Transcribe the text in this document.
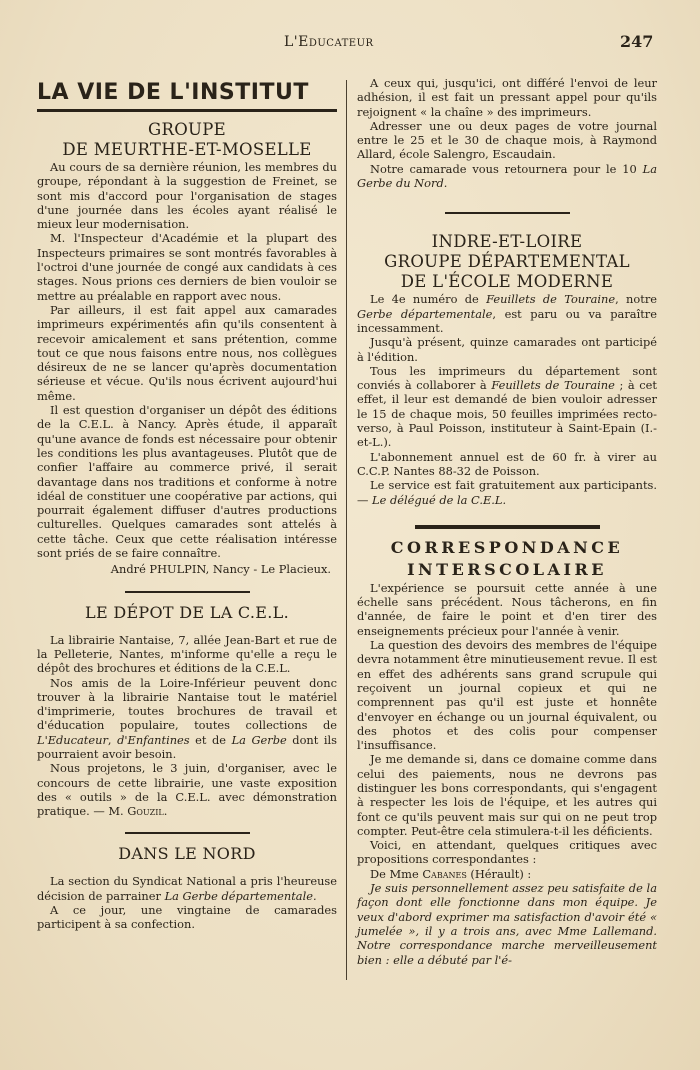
L'Educateur	247
LA VIE DE L'INSTITUT

GROUPE

DE MEURTHE-ET-MOSELLE

Au cours de sa dernière réunion, les membres du groupe, répondant à la suggestion de Freinet, se sont mis d'accord pour l'organisation de stages d'une journée dans les écoles ayant réalisé le mieux leur modernisation.

M. l'Inspecteur d'Académie et la plupart des Inspecteurs primaires se sont montrés favorables à l'octroi d'une journée de congé aux candidats à ces stages. Nous prions ces derniers de bien vouloir se mettre au préalable en rapport avec nous.

Par ailleurs, il est fait appel aux camarades imprimeurs expérimentés afin qu'ils consentent à recevoir amicalement et sans prétention, comme tout ce que nous faisons entre nous, nos collègues désireux de ne se lancer qu'après documentation sérieuse et vécue. Qu'ils nous écrivent aujourd'hui même.

Il est question d'organiser un dépôt des éditions de la C.E.L. à Nancy. Après étude, il apparaît qu'une avance de fonds est nécessaire pour obtenir les conditions les plus avantageuses. Plutôt que de confier l'affaire au commerce privé, il serait davantage dans nos traditions et conforme à notre idéal de constituer une coopérative par actions, qui pourrait également diffuser d'autres productions culturelles. Quelques camarades sont attelés à cette tâche. Ceux que cette réalisation intéresse sont priés de se faire connaître.

André PHULPIN, Nancy - Le Placieux.

LE DÉPOT DE LA C.E.L.

La librairie Nantaise, 7, allée Jean-Bart et rue de la Pelleterie, Nantes, m'informe qu'elle a reçu le dépôt des brochures et éditions de la C.E.L.

Nos amis de la Loire-Inférieur peuvent donc trouver à la librairie Nantaise tout le matériel d'imprimerie, toutes brochures de travail et d'éducation populaire, toutes collections de L'Educateur, d'Enfantines et de La Gerbe dont ils pourraient avoir besoin.

Nous projetons, le 3 juin, d'organiser, avec le concours de cette librairie, une vaste exposition des « outils » de la C.E.L. avec démonstration pratique. — M. Gouzil.

DANS LE NORD

La section du Syndicat National a pris l'heureuse décision de parrainer La Gerbe départementale.

A ce jour, une vingtaine de camarades participent à sa confection.

A ceux qui, jusqu'ici, ont différé l'envoi de leur adhésion, il est fait un pressant appel pour qu'ils rejoignent « la chaîne » des imprimeurs.

Adresser une ou deux pages de votre journal entre le 25 et le 30 de chaque mois, à Raymond Allard, école Salengro, Escaudain.

Notre camarade vous retournera pour le 10 La Gerbe du Nord.

INDRE-ET-LOIRE

GROUPE DÉPARTEMENTAL

DE L'ÉCOLE MODERNE

Le 4e numéro de Feuillets de Touraine, notre Gerbe départementale, est paru ou va paraître incessamment.

Jusqu'à présent, quinze camarades ont participé à l'édition.

Tous les imprimeurs du département sont conviés à collaborer à Feuillets de Touraine ; à cet effet, il leur est demandé de bien vouloir adresser le 15 de chaque mois, 50 feuilles imprimées recto-verso, à Paul Poisson, instituteur à Saint-Epain (I.-et-L.).

L'abonnement annuel est de 60 fr. à virer au C.C.P. Nantes 88-32 de Poisson.

Le service est fait gratuitement aux participants. — Le délégué de la C.E.L.

CORRESPONDANCE

INTERSCOLAIRE

L'expérience se poursuit cette année à une échelle sans précédent. Nous tâcherons, en fin d'année, de faire le point et d'en tirer des enseignements précieux pour l'année à venir.

La question des devoirs des membres de l'équipe devra notamment être minutieusement revue. Il est en effet des adhérents sans grand scrupule qui reçoivent un journal copieux et qui ne comprennent pas qu'il est juste et honnête d'envoyer en échange ou un journal équivalent, ou des photos et des colis pour compenser l'insuffisance.

Je me demande si, dans ce domaine comme dans celui des paiements, nous ne devrons pas distinguer les bons correspondants, qui s'engagent à respecter les lois de l'équipe, et les autres qui font ce qu'ils peuvent mais sur qui on ne peut trop compter. Peut-être cela stimulera-t-il les déficients.

Voici, en attendant, quelques critiques avec propositions correspondantes :

De Mme Cabanes (Hérault) :

Je suis personnellement assez peu satisfaite de la façon dont elle fonctionne dans mon équipe. Je veux d'abord exprimer ma satisfaction d'avoir été « jumelée », il y a trois ans, avec Mme Lallemand. Notre correspondance marche merveilleusement bien : elle a débuté par l'é-
